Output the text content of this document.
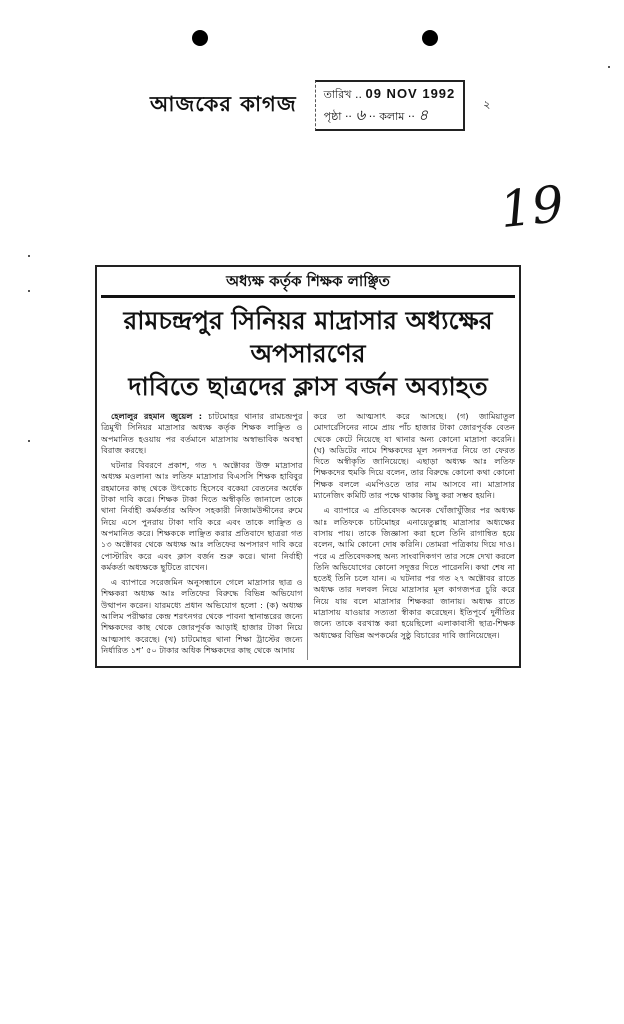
আজকের কাগজ তারিখ .. 09 NOV 1992
পৃষ্ঠা ·· ৬ ·· কলাম ·· ৪
২
19
অধ্যক্ষ কর্তৃক শিক্ষক লাঞ্ছিত
রামচন্দ্রপুর সিনিয়র মাদ্রাসার অধ্যক্ষের অপসারণের
দাবিতে ছাত্রদের ক্লাস বর্জন অব্যাহত

হেলালুর রহমান জুয়েল : চাটমোহর থানার রামচন্দ্রপুর ত্রিমুখী সিনিয়র মাদ্রাসার অধ্যক্ষ কর্তৃক শিক্ষক লাঞ্ছিত ও অপমানিত হওয়ায় পর বর্তমানে মাদ্রাসায় অস্বাভাবিক অবস্থা বিরাজ করছে।

ঘটনার বিবরণে প্রকাশ, গত ৭ অক্টোবর উক্ত মাদ্রাসার অধ্যক্ষ মওলানা আঃ লতিফ মাদ্রাসার বিএসসি শিক্ষক হাবিবুর রহমানের কাছ থেকে উৎকোচ হিসেবে বকেয়া বেতনের অর্ধেক টাকা দাবি করে। শিক্ষক টাকা দিতে অস্বীকৃতি জানালে তাকে থানা নির্বাহী কর্মকর্তার অফিস সহকারী নিজামউদ্দীনের রুমে নিয়ে এসে পুনরায় টাকা দাবি করে এবং তাকে লাঞ্ছিত ও অপমানিত করে। শিক্ষককে লাঞ্ছিত করার প্রতিবাদে ছাত্ররা গত ১৩ অক্টোবর থেকে অধ্যক্ষ আঃ লতিফের অপসারণ দাবি করে পোস্টারিং করে এবং ক্লাস বর্জন শুরু করে। থানা নির্বাহী কর্মকর্তা অধ্যক্ষকে ছুটিতে রাখেন।

এ ব্যাপারে সরেজমিন অনুসন্ধানে গেলে মাদ্রাসার ছাত্র ও শিক্ষকরা অধ্যক্ষ আঃ লতিফের বিরুদ্ধে বিভিন্ন অভিযোগ উত্থাপন করেন। যারমধ্যে প্রধান অভিযোগ হলো : (ক) অধ্যক্ষ আলিম পরীক্ষার কেন্দ্র শরৎনগর থেকে পাবনা স্থানান্তরের জন্যে শিক্ষকদের কাছ থেকে জোরপূর্বক আড়াই হাজার টাকা নিয়ে আত্মসাৎ করেছে। (খ) চাটমোহর থানা শিক্ষা ট্রাস্টের জন্যে নির্ধারিত ১শ’ ৫০ টাকার অধিক শিক্ষকদের কাছ থেকে আদায়

করে তা আত্মসাৎ করে আসছে। (গ) জামিয়াতুল মোদার্রেসিনের নামে প্রায় পাঁচ হাজার টাকা জোরপূর্বক বেতন থেকে কেটে নিয়েছে যা থানার অন্য কোনো মাদ্রাসা করেনি। (ঘ) অডিটের নামে শিক্ষকদের মূল সনদপত্র নিয়ে তা ফেরত দিতে অস্বীকৃতি জানিয়েছে। এছাড়া অধ্যক্ষ আঃ লতিফ শিক্ষকদের হুমকি দিয়ে বলেন, তার বিরুদ্ধে কোনো কথা কোনো শিক্ষক বললে এমপিওতে তার নাম আসবে না। মাদ্রাসার ম্যানেজিং কমিটি তার পক্ষে থাকায় কিছু করা সম্ভব হয়নি।

এ ব্যাপারে এ প্রতিবেদক অনেক খোঁজাখুঁজির পর অধ্যক্ষ আঃ লতিফকে চাটমোহর এনায়েতুল্লাহ মাদ্রাসার অধ্যক্ষের বাসায় পায়। তাকে জিজ্ঞাসা করা হলে তিনি রাগান্বিত হয়ে বলেন, আমি কোনো দোষ করিনি। তোমরা পত্রিকায় দিয়ে দাও। পরে এ প্রতিবেদকসহ অন্য সাংবাদিকগণ তার সঙ্গে দেখা করলে তিনি অভিযোগের কোনো সদুত্তর দিতে পারেননি। কথা শেষ না হতেই তিনি চলে যান। এ ঘটনার পর গত ২৭ অক্টোবর রাতে অধ্যক্ষ তার দলবল নিয়ে মাদ্রাসার মূল কাগজপত্র চুরি করে নিয়ে যায় বলে মাদ্রাসার শিক্ষকরা জানায়। অধ্যক্ষ রাতে মাদ্রাসায় যাওয়ার সত্যতা স্বীকার করেছেন। ইতিপূর্বে দুর্নীতির জন্যে তাকে বরখাস্ত করা হয়েছিলো এলাকাবাসী ছাত্র-শিক্ষক অধ্যক্ষের বিভিন্ন অপকর্মের সুষ্ঠু বিচারের দাবি জানিয়েছেন।
